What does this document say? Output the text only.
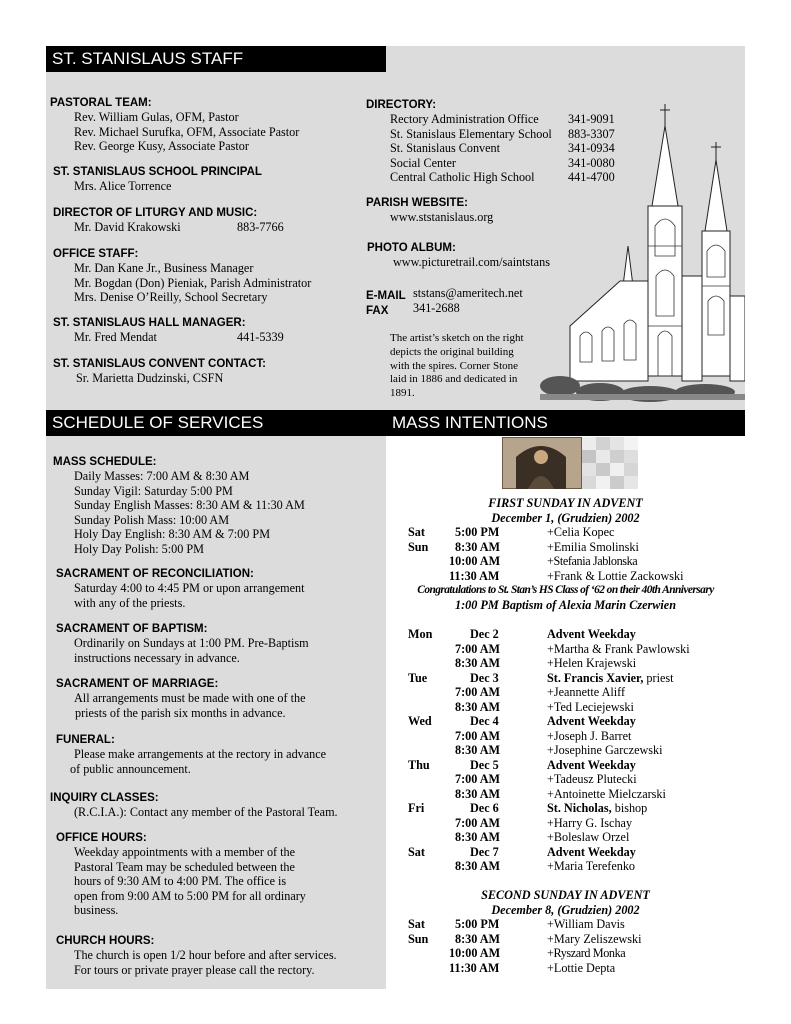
ST. STANISLAUS STAFF
SCHEDULE OF SERVICES	MASS INTENTIONS
PASTORAL TEAM:
Rev. William Gulas, OFM, Pastor
Rev. Michael Surufka, OFM, Associate Pastor
Rev. George Kusy, Associate Pastor
ST. STANISLAUS SCHOOL PRINCIPAL
Mrs. Alice Torrence
DIRECTOR OF LITURGY AND MUSIC:
Mr. David Krakowski	883-7766
OFFICE STAFF:
Mr. Dan Kane Jr., Business Manager
Mr. Bogdan (Don) Pieniak, Parish Administrator
Mrs. Denise O’Reilly, School Secretary
ST. STANISLAUS HALL MANAGER:
Mr. Fred Mendat	441-5339
ST. STANISLAUS CONVENT CONTACT:
Sr. Marietta Dudzinski, CSFN
DIRECTORY:
Rectory Administration Office 341-9091
St. Stanislaus Elementary School 883-3307
St. Stanislaus Convent	341-0934
Social Center	341-0080
Central Catholic High School	441-4700
PARISH WEBSITE:
www.ststanislaus.org
PHOTO ALBUM:
www.picturetrail.com/saintstans
E-MAIL ststans@ameritech.net
FAX 341-2688
The artist’s sketch on the right
depicts the original building
with the spires. Corner Stone
laid in 1886 and dedicated in
1891.
MASS SCHEDULE:
Daily Masses: 7:00 AM & 8:30 AM
Sunday Vigil: Saturday 5:00 PM
Sunday English Masses: 8:30 AM & 11:30 AM
Sunday Polish Mass: 10:00 AM
Holy Day English: 8:30 AM & 7:00 PM
Holy Day Polish: 5:00 PM
SACRAMENT OF RECONCILIATION:
Saturday 4:00 to 4:45 PM or upon arrangement
with any of the priests.
SACRAMENT OF BAPTISM:
Ordinarily on Sundays at 1:00 PM. Pre-Baptism
instructions necessary in advance.
SACRAMENT OF MARRIAGE:
All arrangements must be made with one of the
priests of the parish six months in advance.
FUNERAL:
Please make arrangements at the rectory in advance
of public announcement.
INQUIRY CLASSES:
(R.C.I.A.): Contact any member of the Pastoral Team.
OFFICE HOURS:
Weekday appointments with a member of the
Pastoral Team may be scheduled between the
hours of 9:30 AM to 4:00 PM. The office is
open from 9:00 AM to 5:00 PM for all ordinary
business.
CHURCH HOURS:
The church is open 1/2 hour before and after services.
For tours or private prayer please call the rectory.
FIRST SUNDAY IN ADVENT
December 1, (Grudzien) 2002
Sat 5:00 PM	+Celia Kopec
Sun 8:30 AM	+Emilia Smolinski
10:00 AM	+Stefania Jablonska
11:30 AM	+Frank & Lottie Zackowski
Congratulations to St. Stan’s HS Class of ‘62 on their 40th Anniversary
1:00 PM Baptism of Alexia Marin Czerwien
Mon	Dec 2	Advent Weekday
7:00 AM	+Martha & Frank Pawlowski
8:30 AM	+Helen Krajewski
Tue	Dec 3	St. Francis Xavier, priest
7:00 AM	+Jeannette Aliff
8:30 AM	+Ted Leciejewski
Wed	Dec 4	Advent Weekday
7:00 AM	+Joseph J. Barret
8:30 AM	+Josephine Garczewski
Thu	Dec 5	Advent Weekday
7:00 AM	+Tadeusz Plutecki
8:30 AM	+Antoinette Mielczarski
Fri	Dec 6	St. Nicholas, bishop
7:00 AM	+Harry G. Ischay
8:30 AM	+Boleslaw Orzel
Sat	Dec 7	Advent Weekday
8:30 AM	+Maria Terefenko
SECOND SUNDAY IN ADVENT
December 8, (Grudzien) 2002
Sat 5:00 PM	+William Davis
Sun 8:30 AM	+Mary Zeliszewski
10:00 AM	+Ryszard Monka
11:30 AM	+Lottie Depta
